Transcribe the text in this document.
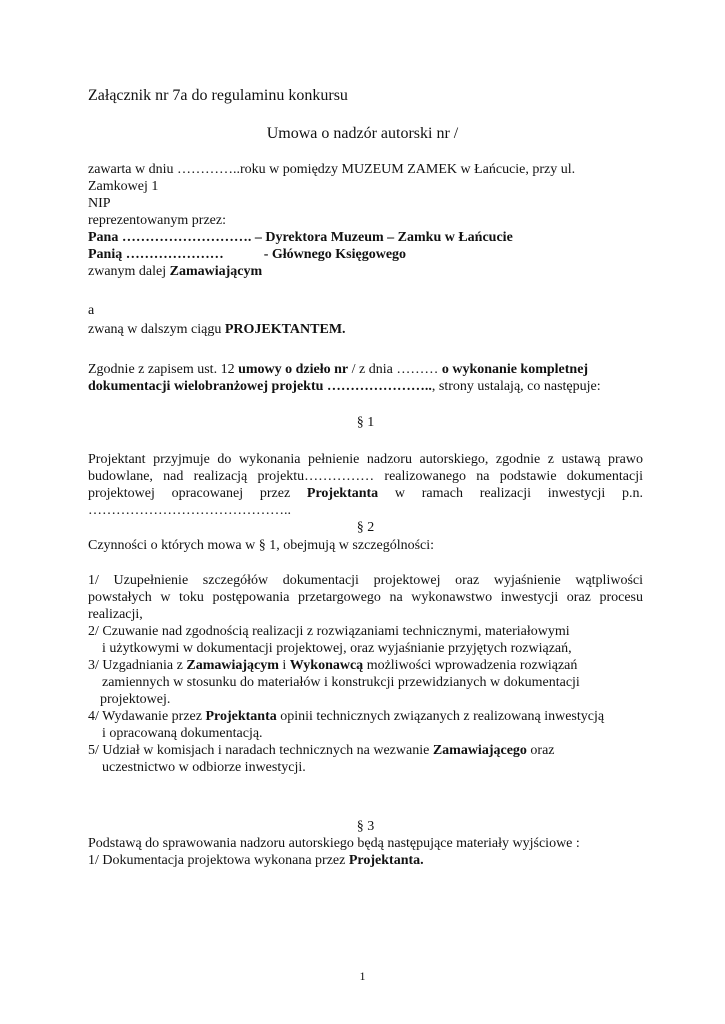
Załącznik nr 7a do regulaminu konkursu
Umowa o nadzór autorski nr /
zawarta w dniu …………..roku w pomiędzy MUZEUM ZAMEK w Łańcucie, przy ul.
Zamkowej 1
NIP
reprezentowanym przez:
Pana ………………………. – Dyrektora Muzeum – Zamku w Łańcucie
Panią …………………	- Głównego Księgowego
zwanym dalej Zamawiającym
a
zwaną w dalszym ciągu PROJEKTANTEM.
Zgodnie z zapisem ust. 12 umowy o dzieło nr / z dnia ……… o wykonanie kompletnej
dokumentacji wielobranżowej projektu ………………….., strony ustalają, co następuje:
§ 1
Projektant przyjmuje do wykonania pełnienie nadzoru autorskiego, zgodnie z ustawą prawo
budowlane, nad realizacją projektu…………… realizowanego na podstawie dokumentacji
projektowej opracowanej przez Projektanta w ramach realizacji inwestycji p.n.
……………………………………..
§ 2
Czynności o których mowa w § 1, obejmują w szczególności:
1/ Uzupełnienie szczegółów dokumentacji projektowej oraz wyjaśnienie wątpliwości
powstałych w toku postępowania przetargowego na wykonawstwo inwestycji oraz procesu
realizacji,
2/ Czuwanie nad zgodnością realizacji z rozwiązaniami technicznymi, materiałowymi
i użytkowymi w dokumentacji projektowej, oraz wyjaśnianie przyjętych rozwiązań,
3/ Uzgadniania z Zamawiającym i Wykonawcą możliwości wprowadzenia rozwiązań
zamiennych w stosunku do materiałów i konstrukcji przewidzianych w dokumentacji
projektowej.
4/ Wydawanie przez Projektanta opinii technicznych związanych z realizowaną inwestycją
i opracowaną dokumentacją.
5/ Udział w komisjach i naradach technicznych na wezwanie Zamawiającego oraz
uczestnictwo w odbiorze inwestycji.
§ 3
Podstawą do sprawowania nadzoru autorskiego będą następujące materiały wyjściowe :
1/ Dokumentacja projektowa wykonana przez Projektanta.
1
